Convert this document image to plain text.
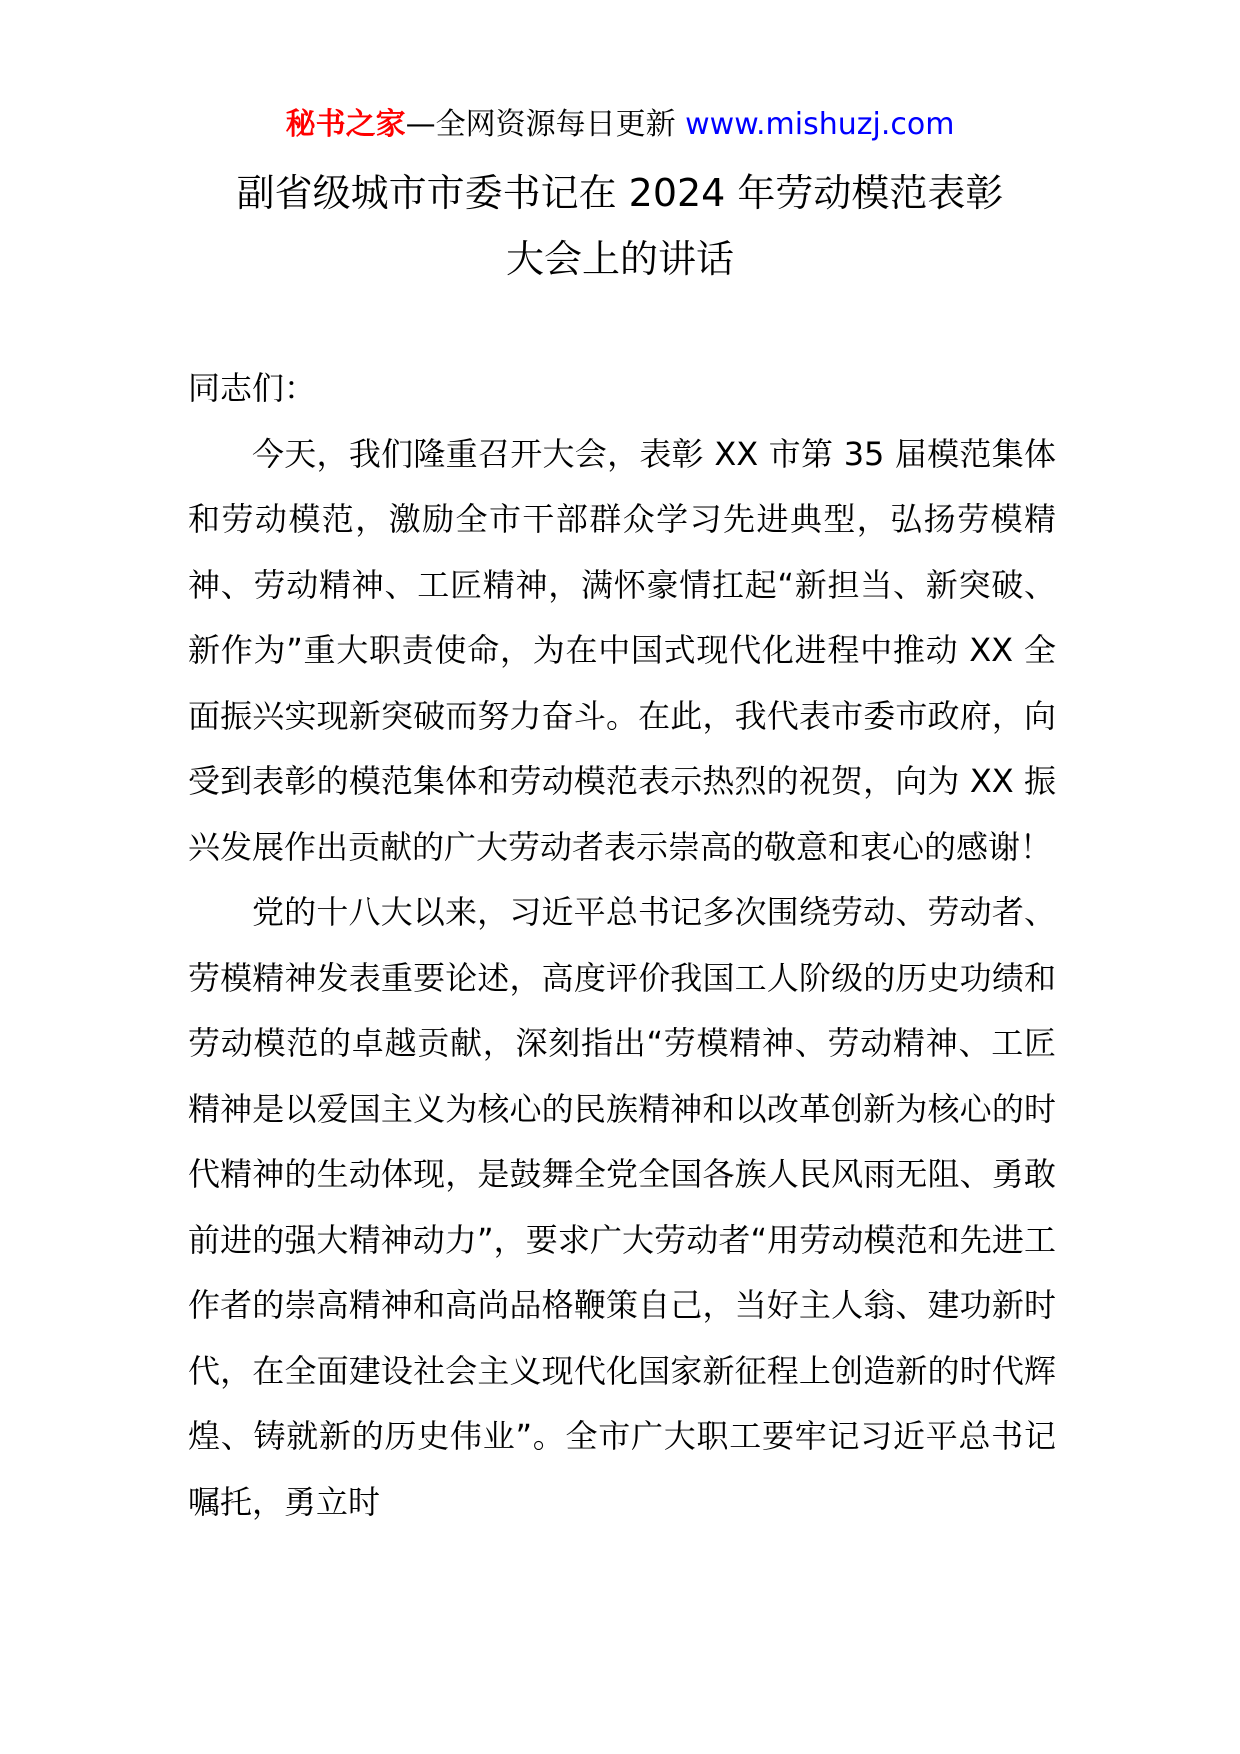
秘书之家—全网资源每日更新 www.mishuzj.com
副省级城市市委书记在 2024 年劳动模范表彰
大会上的讲话

同志们：

今天，我们隆重召开大会，表彰 XX 市第 35 届模范集体和劳动模范，激励全市干部群众学习先进典型，弘扬劳模精神、劳动精神、工匠精神，满怀豪情扛起“新担当、新突破、新作为”重大职责使命，为在中国式现代化进程中推动 XX 全面振兴实现新突破而努力奋斗。在此，我代表市委市政府，向受到表彰的模范集体和劳动模范表示热烈的祝贺，向为 XX 振兴发展作出贡献的广大劳动者表示崇高的敬意和衷心的感谢！

党的十八大以来，习近平总书记多次围绕劳动、劳动者、劳模精神发表重要论述，高度评价我国工人阶级的历史功绩和劳动模范的卓越贡献，深刻指出“劳模精神、劳动精神、工匠精神是以爱国主义为核心的民族精神和以改革创新为核心的时代精神的生动体现，是鼓舞全党全国各族人民风雨无阻、勇敢前进的强大精神动力”，要求广大劳动者“用劳动模范和先进工作者的崇高精神和高尚品格鞭策自己，当好主人翁、建功新时代，在全面建设社会主义现代化国家新征程上创造新的时代辉煌、铸就新的历史伟业”。全市广大职工要牢记习近平总书记嘱托，勇立时
